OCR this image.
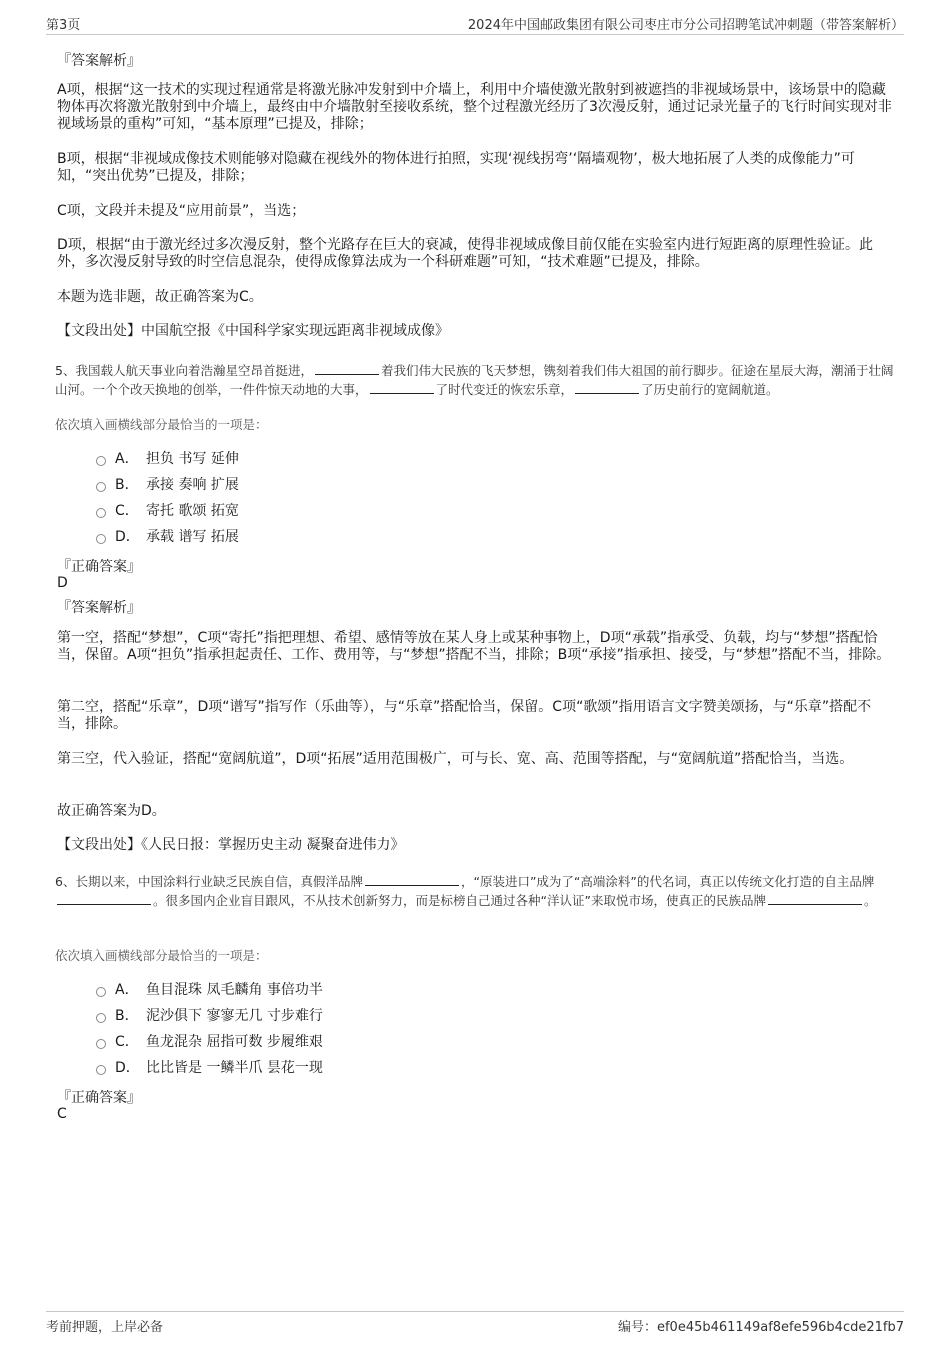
第3页	2024年中国邮政集团有限公司枣庄市分公司招聘笔试冲刺题（带答案解析）
『答案解析』
A项，根据“这一技术的实现过程通常是将激光脉冲发射到中介墙上，利用中介墙使激光散射到被遮挡的非视域场景中，该场景中的隐藏物体再次将激光散射到中介墙上，最终由中介墙散射至接收系统，整个过程激光经历了3次漫反射，通过记录光量子的飞行时间实现对非视域场景的重构”可知，“基本原理”已提及，排除；
B项，根据“非视域成像技术则能够对隐藏在视线外的物体进行拍照，实现‘视线拐弯’‘隔墙观物’，极大地拓展了人类的成像能力”可知，“突出优势”已提及，排除；
C项，文段并未提及“应用前景”，当选；
D项，根据“由于激光经过多次漫反射，整个光路存在巨大的衰减，使得非视域成像目前仅能在实验室内进行短距离的原理性验证。此外，多次漫反射导致的时空信息混杂，使得成像算法成为一个科研难题”可知，“技术难题”已提及，排除。
本题为选非题，故正确答案为C。
【文段出处】中国航空报《中国科学家实现远距离非视域成像》
5、我国载人航天事业向着浩瀚星空昂首挺进，	着我们伟大民族的飞天梦想，镌刻着我们伟大祖国的前行脚步。征途在星辰大海，潮涌于壮阔山河。一个个改天换地的创举，一件件惊天动地的大事，	了时代变迁的恢宏乐章，	了历史前行的宽阔航道。
依次填入画横线部分最恰当的一项是：
A． 担负 书写 延伸
B． 承接 奏响 扩展
C． 寄托 歌颂 拓宽
D． 承载 谱写 拓展
『正确答案』
D
『答案解析』
第一空，搭配“梦想”，C项“寄托”指把理想、希望、感情等放在某人身上或某种事物上，D项“承载”指承受、负载，均与“梦想”搭配恰当，保留。A项“担负”指承担起责任、工作、费用等，与“梦想”搭配不当，排除；B项“承接”指承担、接受，与“梦想”搭配不当，排除。
第二空，搭配“乐章”，D项“谱写”指写作（乐曲等），与“乐章”搭配恰当，保留。C项“歌颂”指用语言文字赞美颂扬，与“乐章”搭配不当，排除。
第三空，代入验证，搭配“宽阔航道”，D项“拓展”适用范围极广，可与长、宽、高、范围等搭配，与“宽阔航道”搭配恰当，当选。
故正确答案为D。
【文段出处】《人民日报：掌握历史主动 凝聚奋进伟力》
6、长期以来，中国涂料行业缺乏民族自信，真假洋品牌	，“原装进口”成为了“高端涂料”的代名词，真正以传统文化打造的自主品牌。很多国内企业盲目跟风，不从技术创新努力，而是标榜自己通过各种“洋认证”来取悦市场，使真正的民族品牌	。
依次填入画横线部分最恰当的一项是：
A． 鱼目混珠 凤毛麟角 事倍功半
B． 泥沙俱下 寥寥无几 寸步难行
C． 鱼龙混杂 屈指可数 步履维艰
D． 比比皆是 一鳞半爪 昙花一现
『正确答案』
C
考前押题，上岸必备	编号：ef0e45b461149af8efe596b4cde21fb7
